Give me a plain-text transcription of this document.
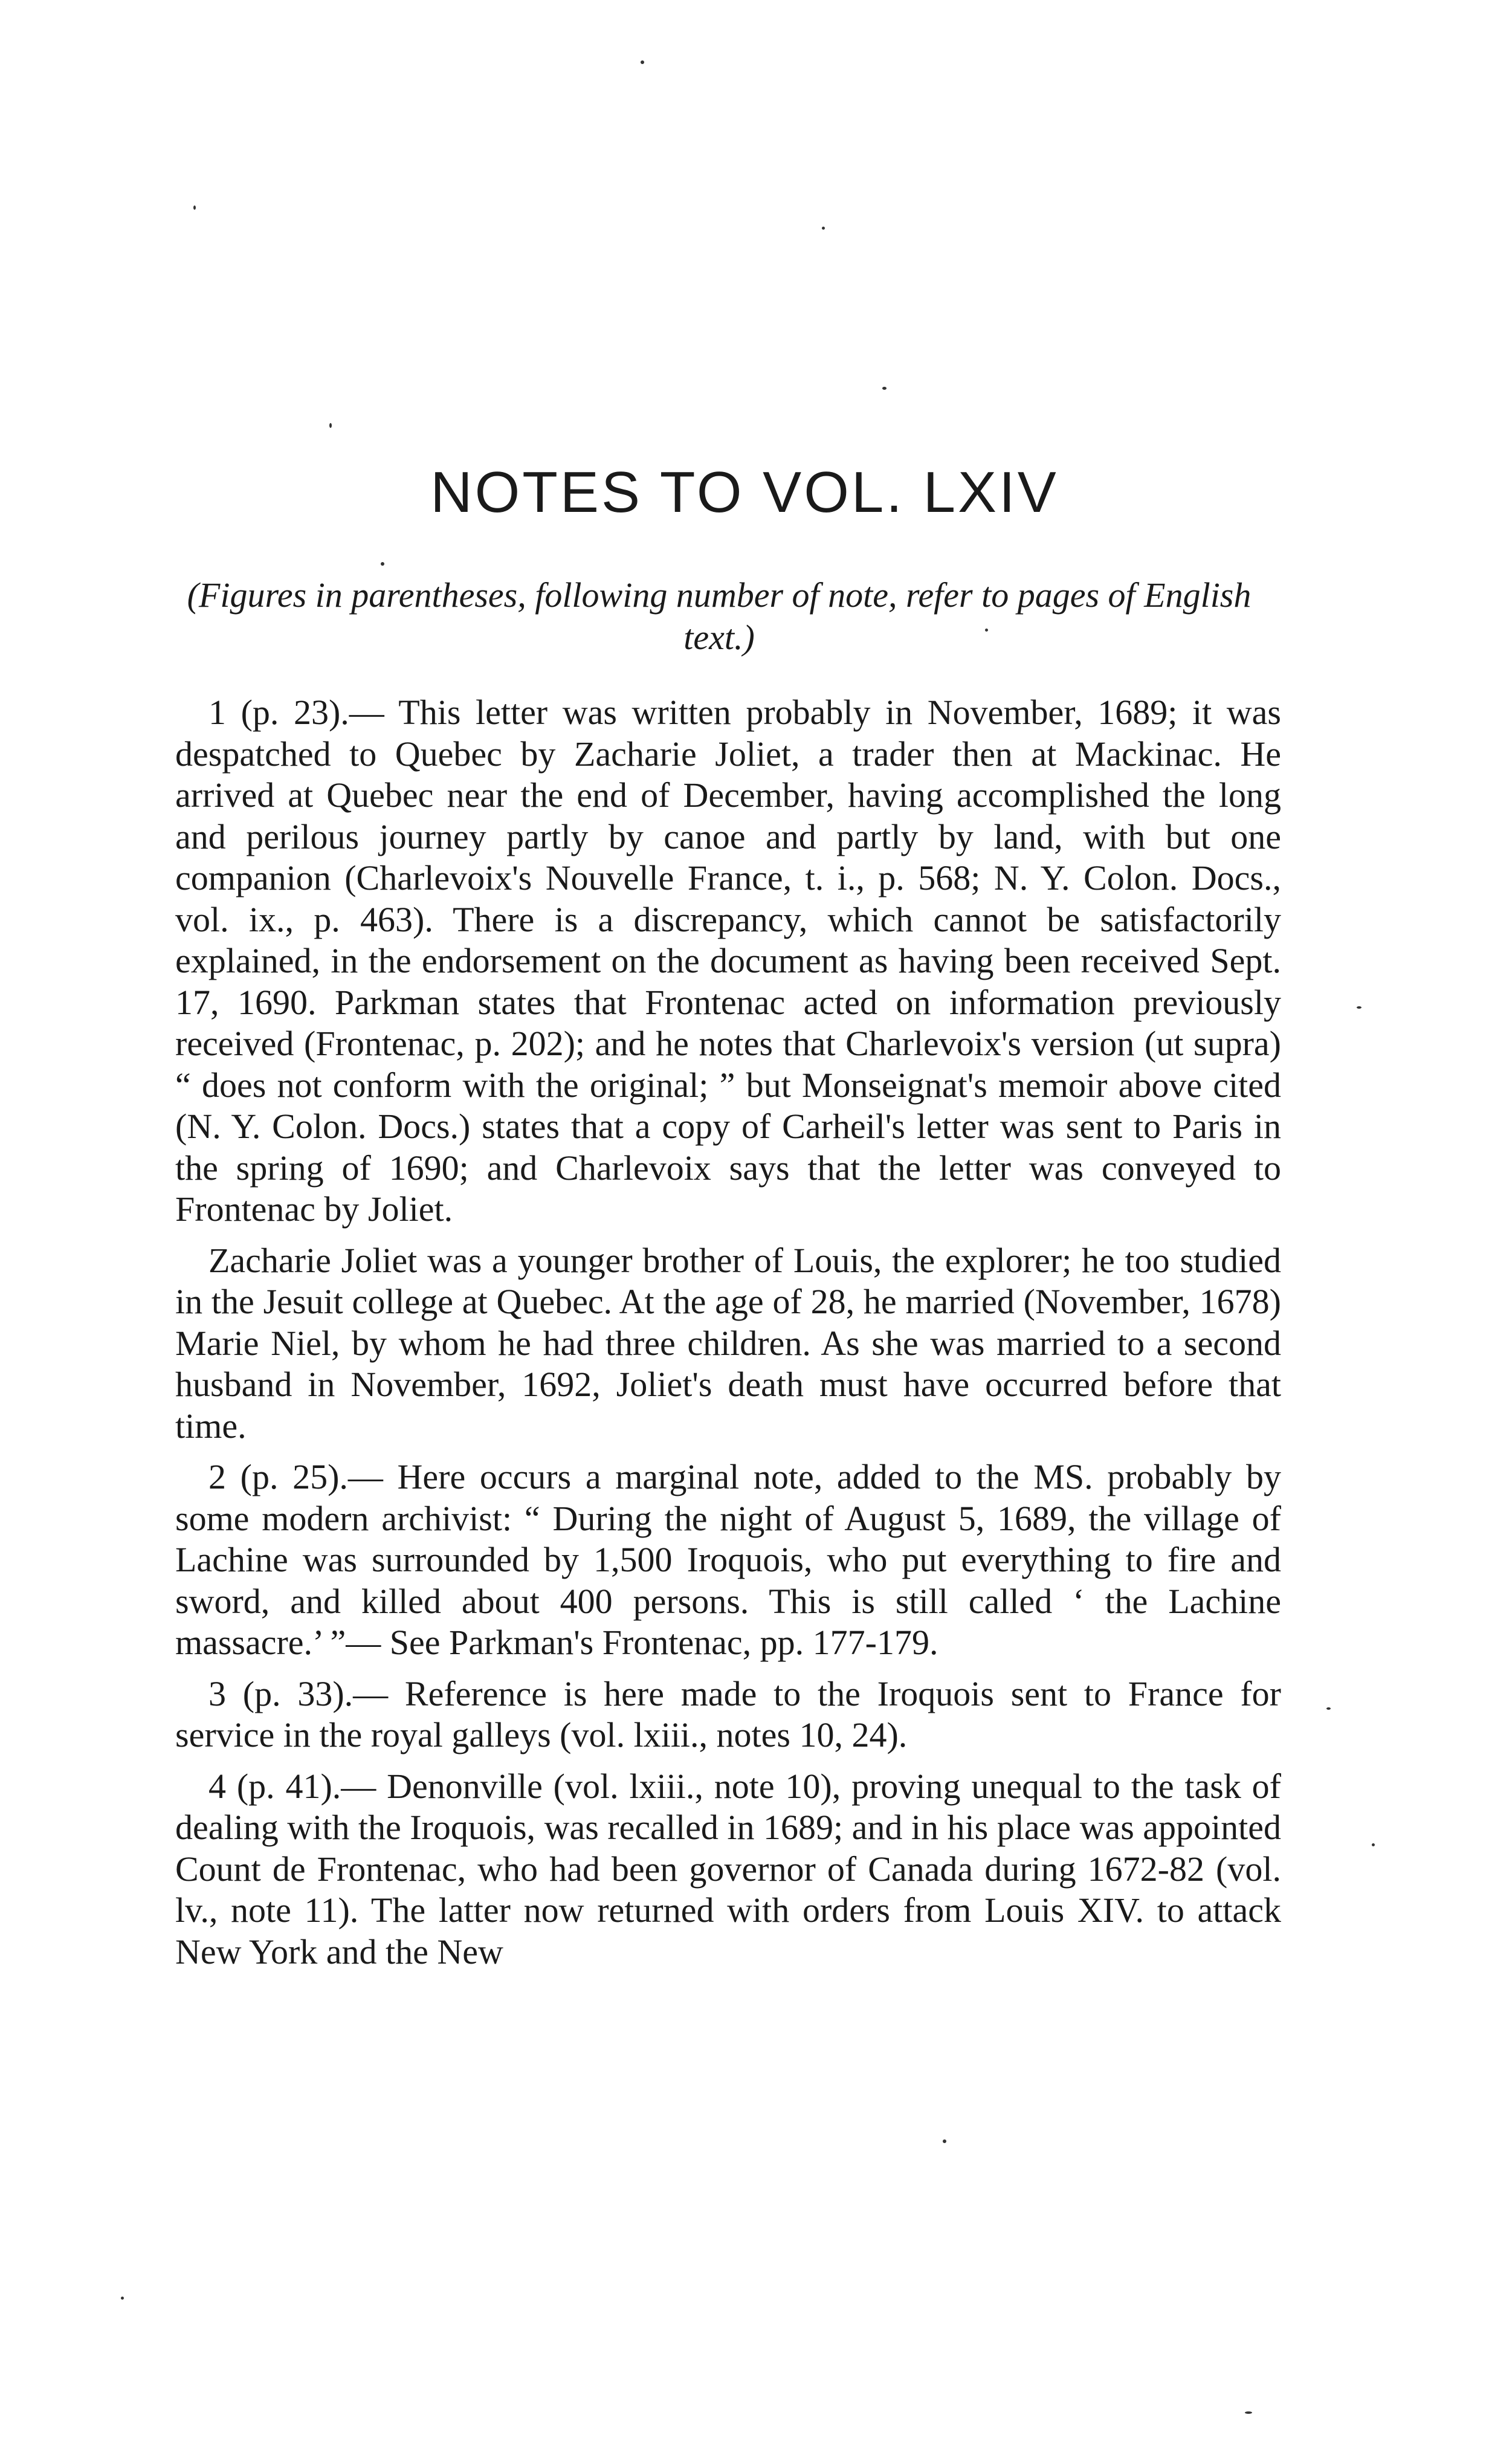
NOTES TO VOL. LXIV

(Figures in parentheses, following number of note, refer to pages of English text.)

1 (p. 23).— This letter was written probably in November, 1689; it was despatched to Quebec by Zacharie Joliet, a trader then at Mackinac. He arrived at Quebec near the end of December, having accomplished the long and perilous journey partly by canoe and partly by land, with but one companion (Charlevoix's Nouvelle France, t. i., p. 568; N. Y. Colon. Docs., vol. ix., p. 463). There is a discrepancy, which cannot be satisfactorily explained, in the endorsement on the document as having been received Sept. 17, 1690. Parkman states that Frontenac acted on information previously received (Frontenac, p. 202); and he notes that Charlevoix's version (ut supra) “ does not conform with the original; ” but Monseignat's memoir above cited (N. Y. Colon. Docs.) states that a copy of Carheil's letter was sent to Paris in the spring of 1690; and Charlevoix says that the letter was conveyed to Frontenac by Joliet.

Zacharie Joliet was a younger brother of Louis, the explorer; he too studied in the Jesuit college at Quebec. At the age of 28, he married (November, 1678) Marie Niel, by whom he had three children. As she was married to a second husband in November, 1692, Joliet's death must have occurred before that time.

2 (p. 25).— Here occurs a marginal note, added to the MS. probably by some modern archivist: “ During the night of August 5, 1689, the village of Lachine was surrounded by 1,500 Iroquois, who put everything to fire and sword, and killed about 400 persons. This is still called ‘ the Lachine massacre.’ ”— See Parkman's Frontenac, pp. 177-179.

3 (p. 33).— Reference is here made to the Iroquois sent to France for service in the royal galleys (vol. lxiii., notes 10, 24).

4 (p. 41).— Denonville (vol. lxiii., note 10), proving unequal to the task of dealing with the Iroquois, was recalled in 1689; and in his place was appointed Count de Frontenac, who had been governor of Canada during 1672-82 (vol. lv., note 11). The latter now returned with orders from Louis XIV. to attack New York and the New
